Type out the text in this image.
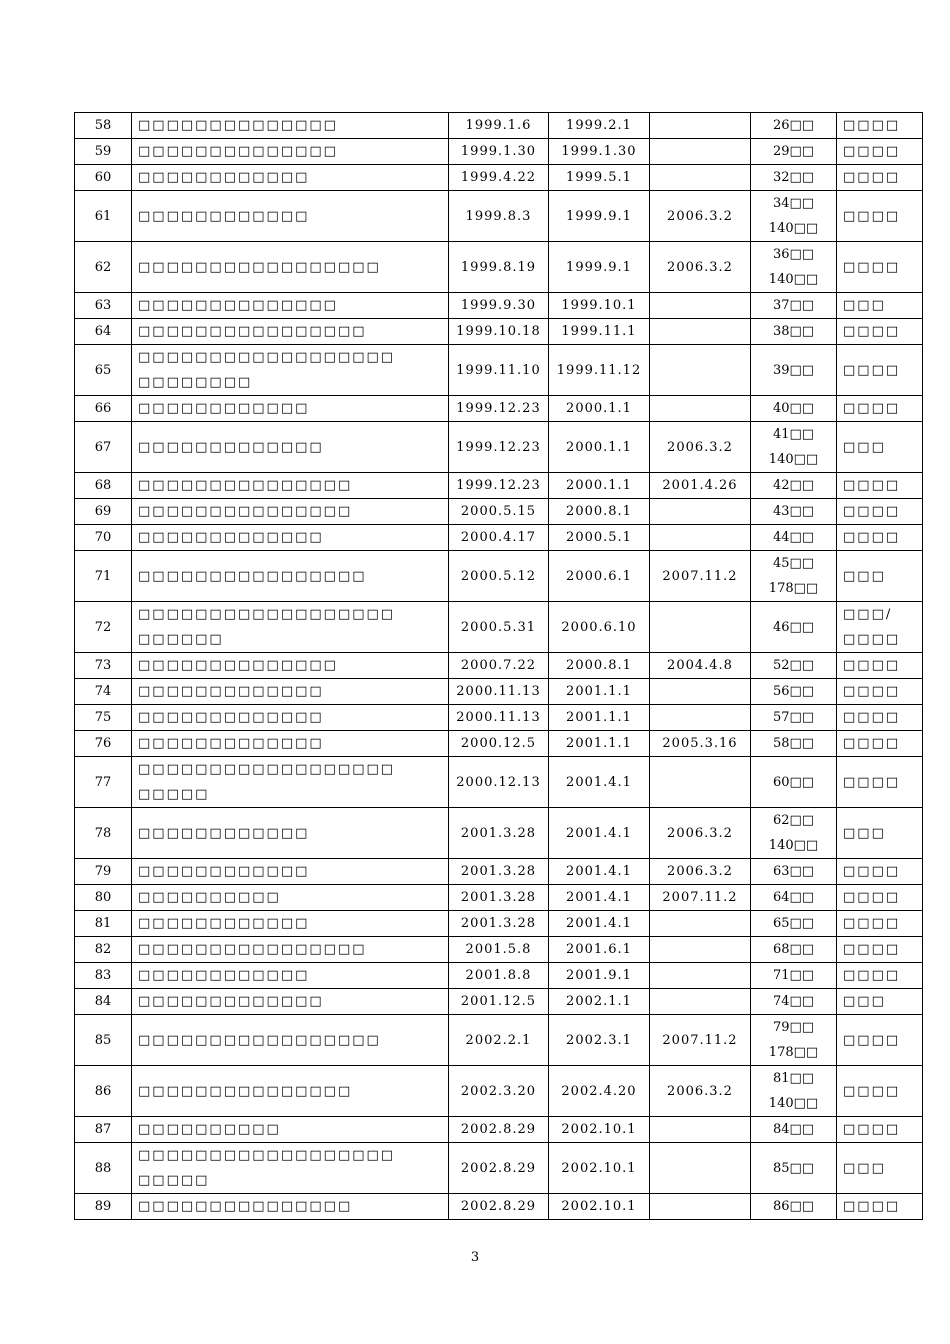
58	□□□□□□□□□□□□□□	1999.1.6	1999.2.1		26□□	□□□□

59	□□□□□□□□□□□□□□	1999.1.30	1999.1.30		29□□	□□□□

60	□□□□□□□□□□□□	1999.4.22	1999.5.1		32□□	□□□□

61	□□□□□□□□□□□□	1999.8.3	1999.9.1	2006.3.2	34□□
140□□	□□□□

62	□□□□□□□□□□□□□□□□□	1999.8.19	1999.9.1	2006.3.2	36□□
140□□	□□□□

63	□□□□□□□□□□□□□□	1999.9.30	1999.10.1		37□□	□□□

64	□□□□□□□□□□□□□□□□	1999.10.18	1999.11.1		38□□	□□□□

65	□□□□□□□□□□□□□□□□□□
□□□□□□□□	1999.11.10	1999.11.12		39□□	□□□□

66	□□□□□□□□□□□□	1999.12.23	2000.1.1		40□□	□□□□

67	□□□□□□□□□□□□□	1999.12.23	2000.1.1	2006.3.2	41□□
140□□	□□□

68	□□□□□□□□□□□□□□□	1999.12.23	2000.1.1	2001.4.26	42□□	□□□□

69	□□□□□□□□□□□□□□□	2000.5.15	2000.8.1		43□□	□□□□

70	□□□□□□□□□□□□□	2000.4.17	2000.5.1		44□□	□□□□

71	□□□□□□□□□□□□□□□□	2000.5.12	2000.6.1	2007.11.2	45□□
178□□	□□□

72	□□□□□□□□□□□□□□□□□□
□□□□□□	2000.5.31	2000.6.10		46□□	□□□/
□□□□

73	□□□□□□□□□□□□□□	2000.7.22	2000.8.1	2004.4.8	52□□	□□□□

74	□□□□□□□□□□□□□	2000.11.13	2001.1.1		56□□	□□□□

75	□□□□□□□□□□□□□	2000.11.13	2001.1.1		57□□	□□□□

76	□□□□□□□□□□□□□	2000.12.5	2001.1.1	2005.3.16	58□□	□□□□

77	□□□□□□□□□□□□□□□□□□
□□□□□	2000.12.13	2001.4.1		60□□	□□□□

78	□□□□□□□□□□□□	2001.3.28	2001.4.1	2006.3.2	62□□
140□□	□□□

79	□□□□□□□□□□□□	2001.3.28	2001.4.1	2006.3.2	63□□	□□□□

80	□□□□□□□□□□	2001.3.28	2001.4.1	2007.11.2	64□□	□□□□

81	□□□□□□□□□□□□	2001.3.28	2001.4.1		65□□	□□□□

82	□□□□□□□□□□□□□□□□	2001.5.8	2001.6.1		68□□	□□□□

83	□□□□□□□□□□□□	2001.8.8	2001.9.1		71□□	□□□□

84	□□□□□□□□□□□□□	2001.12.5	2002.1.1		74□□	□□□

85	□□□□□□□□□□□□□□□□□	2002.2.1	2002.3.1	2007.11.2	79□□
178□□	□□□□

86	□□□□□□□□□□□□□□□	2002.3.20	2002.4.20	2006.3.2	81□□
140□□	□□□□

87	□□□□□□□□□□	2002.8.29	2002.10.1		84□□	□□□□

88	□□□□□□□□□□□□□□□□□□
□□□□□	2002.8.29	2002.10.1		85□□	□□□

89	□□□□□□□□□□□□□□□	2002.8.29	2002.10.1		86□□	□□□□
3
